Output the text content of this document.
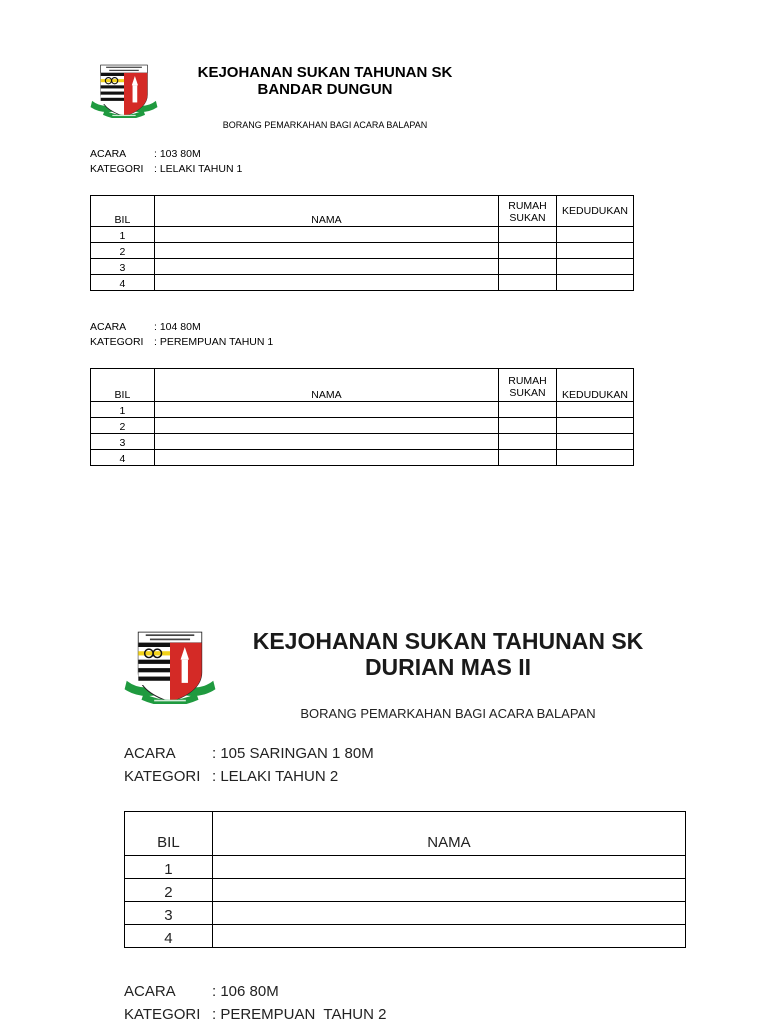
KEJOHANAN SUKAN TAHUNAN SK
BANDAR DUNGUN
BORANG PEMARKAHAN BAGI ACARA BALAPAN
ACARA	: 103 80M
KATEGORI	: LELAKI TAHUN 1
BIL	NAMA	RUMAH SUKAN	KEDUDUKAN
1			
2			
3			
4			
ACARA	: 104 80M
KATEGORI	: PEREMPUAN TAHUN 1
BIL	NAMA	RUMAH SUKAN	KEDUDUKAN
1			
2			
3			
4			
KEJOHANAN SUKAN TAHUNAN SK
DURIAN MAS II
BORANG PEMARKAHAN BAGI ACARA BALAPAN
ACARA	: 105 SARINGAN 1 80M
KATEGORI : LELAKI TAHUN 2
BIL	NAMA
1	
2	
3	
4	
ACARA	: 106 80M
KATEGORI : PEREMPUAN  TAHUN 2
